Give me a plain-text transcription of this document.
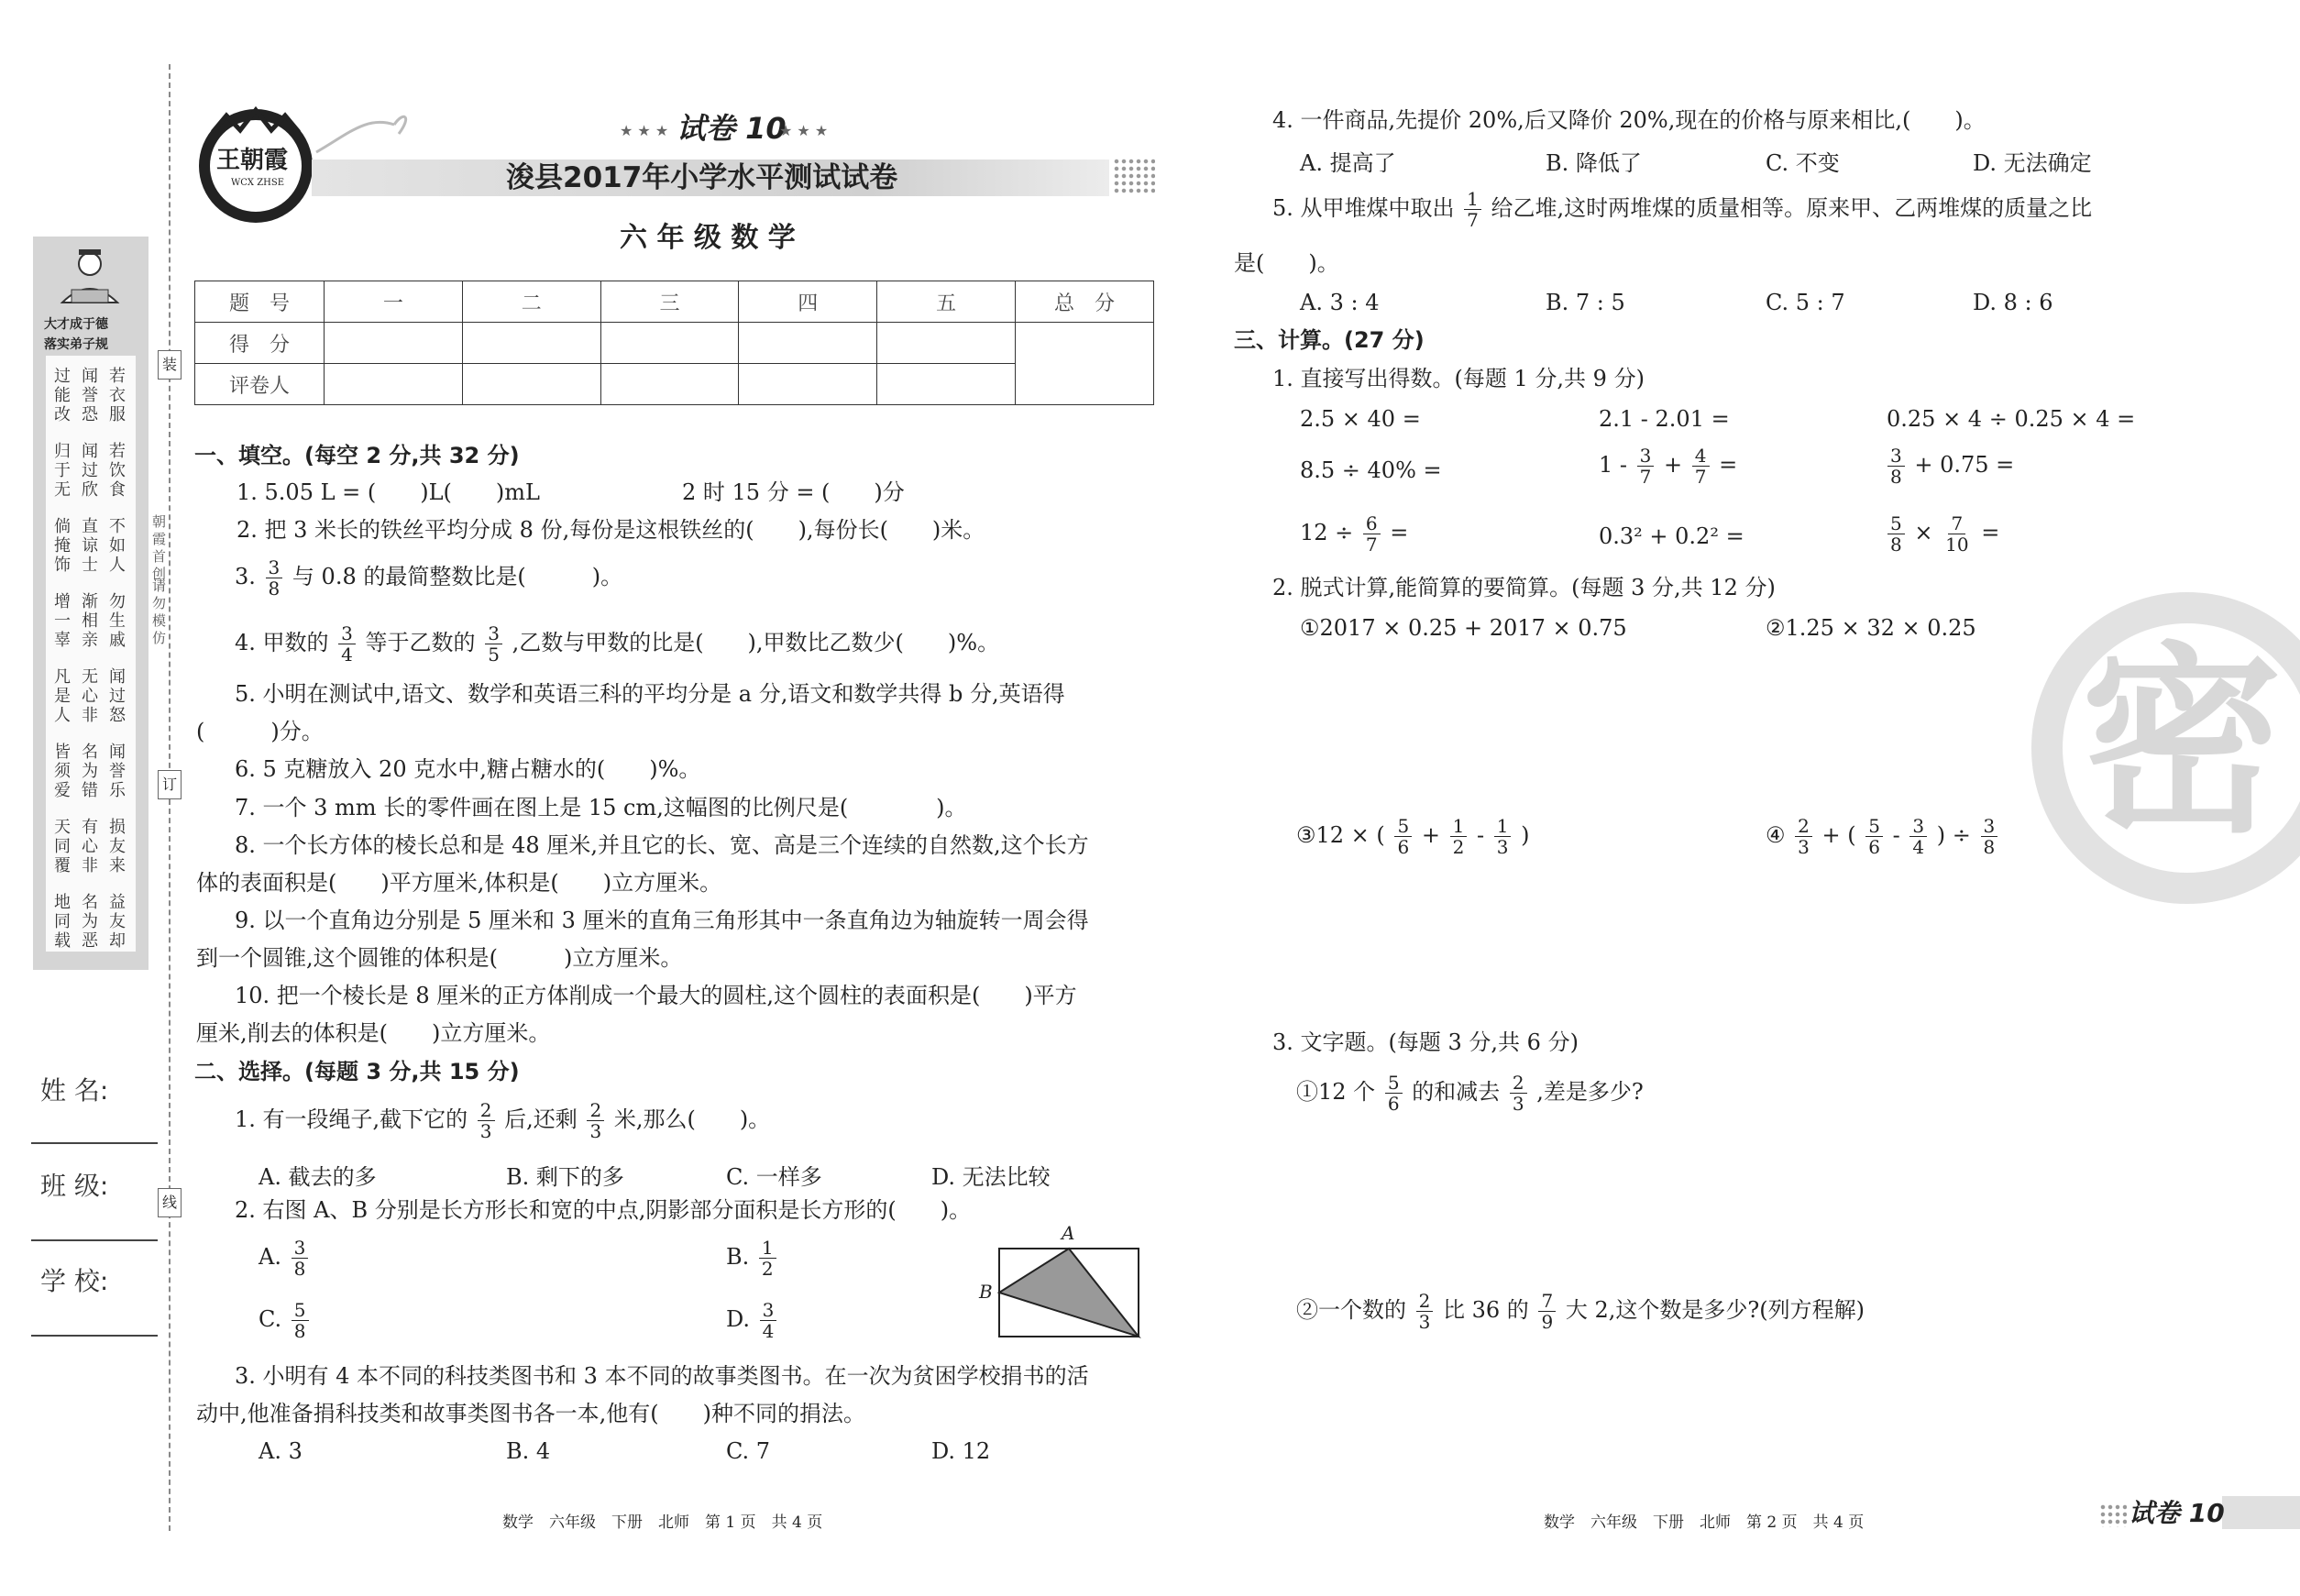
大才成于德
落实弟子规
过能改
闻誉恐
若衣服
归于无
闻过欣
若饮食
倘掩饰
直谅士
不如人
增一辜
渐相亲
勿生戚
凡是人
无心非
闻过怒
皆须爱
名为错
闻誉乐
天同覆
有心非
损友来
地同载
名为恶
益友却
朝霞首创
请勿模仿
装
订
线
姓 名:
班 级:
学 校:
王朝霞
WCX ZHSE
★ ★ ★ 试卷 10
★ ★ ★
浚县2017年小学水平测试试卷
六 年 级 数 学
题　号	一	二	三	四	五	总　分
得　分						
评卷人						
一、填空。(每空 2 分,共 32 分)
1. 5.05 L = (　　)L(　　)mL	2 时 15 分 = (　　)分
2. 把 3 米长的铁丝平均分成 8 份,每份是这根铁丝的(　　),每份长(　　)米。
3. $\frac{3}{8}$ 与 0.8 的最简整数比是(　　　)。
4. 甲数的 $\frac{3}{4}$ 等于乙数的 $\frac{3}{5}$ ,乙数与甲数的比是(　　),甲数比乙数少(　　)%。
5. 小明在测试中,语文、数学和英语三科的平均分是 a 分,语文和数学共得 b 分,英语得
(　　　)分。
6. 5 克糖放入 20 克水中,糖占糖水的(　　)%。
7. 一个 3 mm 长的零件画在图上是 15 cm,这幅图的比例尺是(　　　　)。
8. 一个长方体的棱长总和是 48 厘米,并且它的长、宽、高是三个连续的自然数,这个长方
体的表面积是(　　)平方厘米,体积是(　　)立方厘米。
9. 以一个直角边分别是 5 厘米和 3 厘米的直角三角形其中一条直角边为轴旋转一周会得
到一个圆锥,这个圆锥的体积是(　　　)立方厘米。
10. 把一个棱长是 8 厘米的正方体削成一个最大的圆柱,这个圆柱的表面积是(　　)平方
厘米,削去的体积是(　　)立方厘米。
二、选择。(每题 3 分,共 15 分)
1. 有一段绳子,截下它的 $\frac{2}{3}$ 后,还剩 $\frac{2}{3}$ 米,那么(　　)。
A. 截去的多	B. 剩下的多	C. 一样多	D. 无法比较
2. 右图 A、B 分别是长方形长和宽的中点,阴影部分面积是长方形的(　　)。
A. $\frac{3}{8}$	B. $\frac{1}{2}$
C. $\frac{5}{8}$	D. $\frac{3}{4}$
A
B
3. 小明有 4 本不同的科技类图书和 3 本不同的故事类图书。在一次为贫困学校捐书的活
动中,他准备捐科技类和故事类图书各一本,他有(　　)种不同的捐法。
A. 3	B. 4	C. 7	D. 12
数学　六年级　下册　北师　第 1 页　共 4 页
4. 一件商品,先提价 20%,后又降价 20%,现在的价格与原来相比,(　　)。
A. 提高了	B. 降低了	C. 不变	D. 无法确定
5. 从甲堆煤中取出 $\frac{1}{7}$ 给乙堆,这时两堆煤的质量相等。原来甲、乙两堆煤的质量之比
是(　　)。
A. 3 : 4	B. 7 : 5	C. 5 : 7	D. 8 : 6
三、计算。(27 分)
1. 直接写出得数。(每题 1 分,共 9 分)
2.5 × 40 =	2.1 - 2.01 =	0.25 × 4 ÷ 0.25 × 4 =
8.5 ÷ 40% =	$1 - \frac{3}{7} + \frac{4}{7}$ =	$\frac{3}{8} + 0.75$ =
$12 \div \frac{6}{7}$ =	0.3² + 0.2² =	$\frac{5}{8} \times \frac{7}{10}$ =
2. 脱式计算,能简算的要简算。(每题 3 分,共 12 分)
①2017 × 0.25 + 2017 × 0.75	②1.25 × 32 × 0.25
③12 × ( $\frac{5}{6} + \frac{1}{2} - \frac{1}{3}$ )	④ $\frac{2}{3}$ + ( $\frac{5}{6} - \frac{3}{4}$ ) ÷ $\frac{3}{8}$
3. 文字题。(每题 3 分,共 6 分)
①12 个 $\frac{5}{6}$ 的和减去 $\frac{2}{3}$ ,差是多少?
②一个数的 $\frac{2}{3}$ 比 36 的 $\frac{7}{9}$ 大 2,这个数是多少?(列方程解)
密
数学　六年级　下册　北师　第 2 页　共 4 页	试卷 10
